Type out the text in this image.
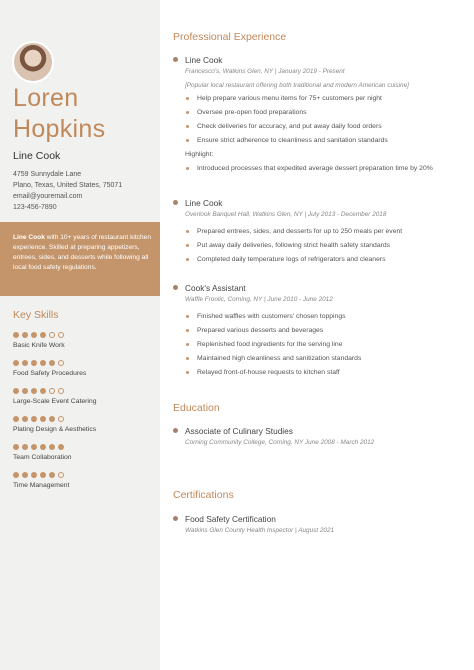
Loren
Hopkins
Line Cook
4759 Sunnydale Lane
Plano, Texas, United States, 75071
email@youremail.com
123-456-7890
Line Cook with 10+ years of restaurant kitchen experience. Skilled at preparing appetizers, entrees, sides, and desserts while following all local food safety regulations.
Key Skills
Basic Knife Work
Food Safety Procedures
Large-Scale Event Catering
Plating Design & Aesthetics
Team Collaboration
Time Management
Professional Experience
Line Cook
Francesco's, Watkins Glen, NY | January 2019 - Present
[Popular local restaurant offering both traditional and modern American cuisine]
Help prepare various menu items for 75+ customers per night
Oversee pre-open food preparations
Check deliveries for accuracy, and put away daily food orders
Ensure strict adherence to cleanliness and sanitation standards
Highlight:
Introduced processes that expedited average dessert preparation time by 20%
Line Cook
Overlook Banquet Hall, Watkins Glen, NY | July 2013 - December 2018
Prepared entrees, sides, and desserts for up to 250 meals per event
Put away daily deliveries, following strict health safety standards
Completed daily temperature logs of refrigerators and cleaners
Cook's Assistant
Waffle Froolic, Corning, NY | June 2010 - June 2012
Finished waffles with customers' chosen toppings
Prepared various desserts and beverages
Replenished food ingredients for the serving line
Maintained high cleanliness and sanitization standards
Relayed front-of-house requests to kitchen staff
Education
Associate of Culinary Studies
Corning Community College, Corning, NY June 2008 - March 2012
Certifications
Food Safety Certification
Watkins Glen County Health Inspector | August 2021
